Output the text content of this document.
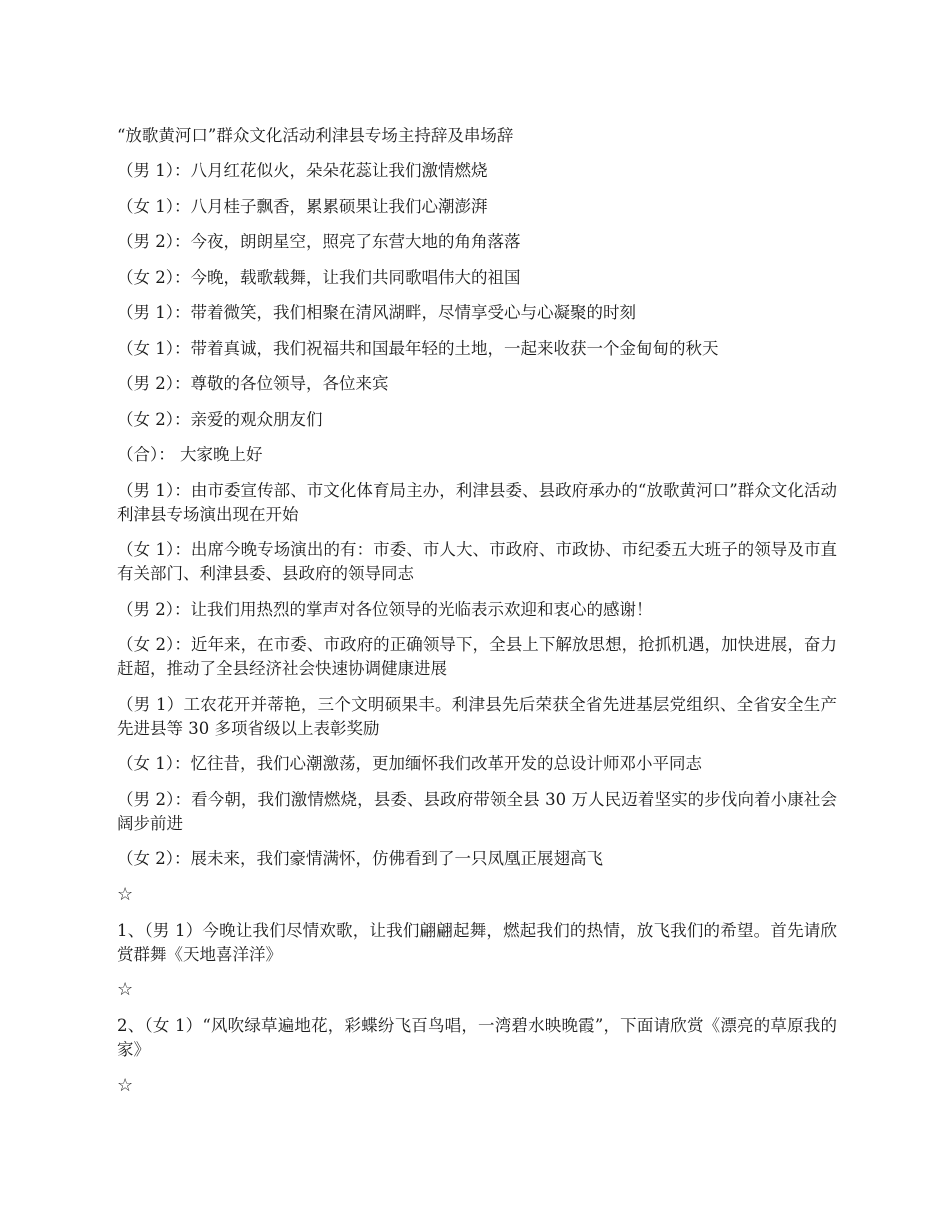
“放歌黄河口”群众文化活动利津县专场主持辞及串场辞
（男 1）：八月红花似火，朵朵花蕊让我们激情燃烧
（女 1）：八月桂子飘香，累累硕果让我们心潮澎湃
（男 2）：今夜，朗朗星空，照亮了东营大地的角角落落
（女 2）：今晚，载歌载舞，让我们共同歌唱伟大的祖国
（男 1）：带着微笑，我们相聚在清风湖畔，尽情享受心与心凝聚的时刻
（女 1）：带着真诚，我们祝福共和国最年轻的土地，一起来收获一个金甸甸的秋天
（男 2）：尊敬的各位领导，各位来宾
（女 2）：亲爱的观众朋友们
（合）： 大家晚上好
（男 1）：由市委宣传部、市文化体育局主办，利津县委、县政府承办的“放歌黄河口”群众文化活动利津县专场演出现在开始
（女 1）：出席今晚专场演出的有：市委、市人大、市政府、市政协、市纪委五大班子的领导及市直有关部门、利津县委、县政府的领导同志
（男 2）：让我们用热烈的掌声对各位领导的光临表示欢迎和衷心的感谢！
（女 2）：近年来，在市委、市政府的正确领导下，全县上下解放思想，抢抓机遇，加快进展，奋力赶超，推动了全县经济社会快速协调健康进展
（男 1）工农花开并蒂艳，三个文明硕果丰。利津县先后荣获全省先进基层党组织、全省安全生产先进县等 30 多项省级以上表彰奖励
（女 1）：忆往昔，我们心潮激荡，更加缅怀我们改革开发的总设计师邓小平同志
（男 2）：看今朝，我们激情燃烧，县委、县政府带领全县 30 万人民迈着坚实的步伐向着小康社会阔步前进
（女 2）：展未来，我们豪情满怀，仿佛看到了一只凤凰正展翅高飞
☆
1、（男 1）今晚让我们尽情欢歌，让我们翩翩起舞，燃起我们的热情，放飞我们的希望。首先请欣赏群舞《天地喜洋洋》
☆
2、（女 1）“风吹绿草遍地花，彩蝶纷飞百鸟唱，一湾碧水映晚霞”，下面请欣赏《漂亮的草原我的家》
☆
